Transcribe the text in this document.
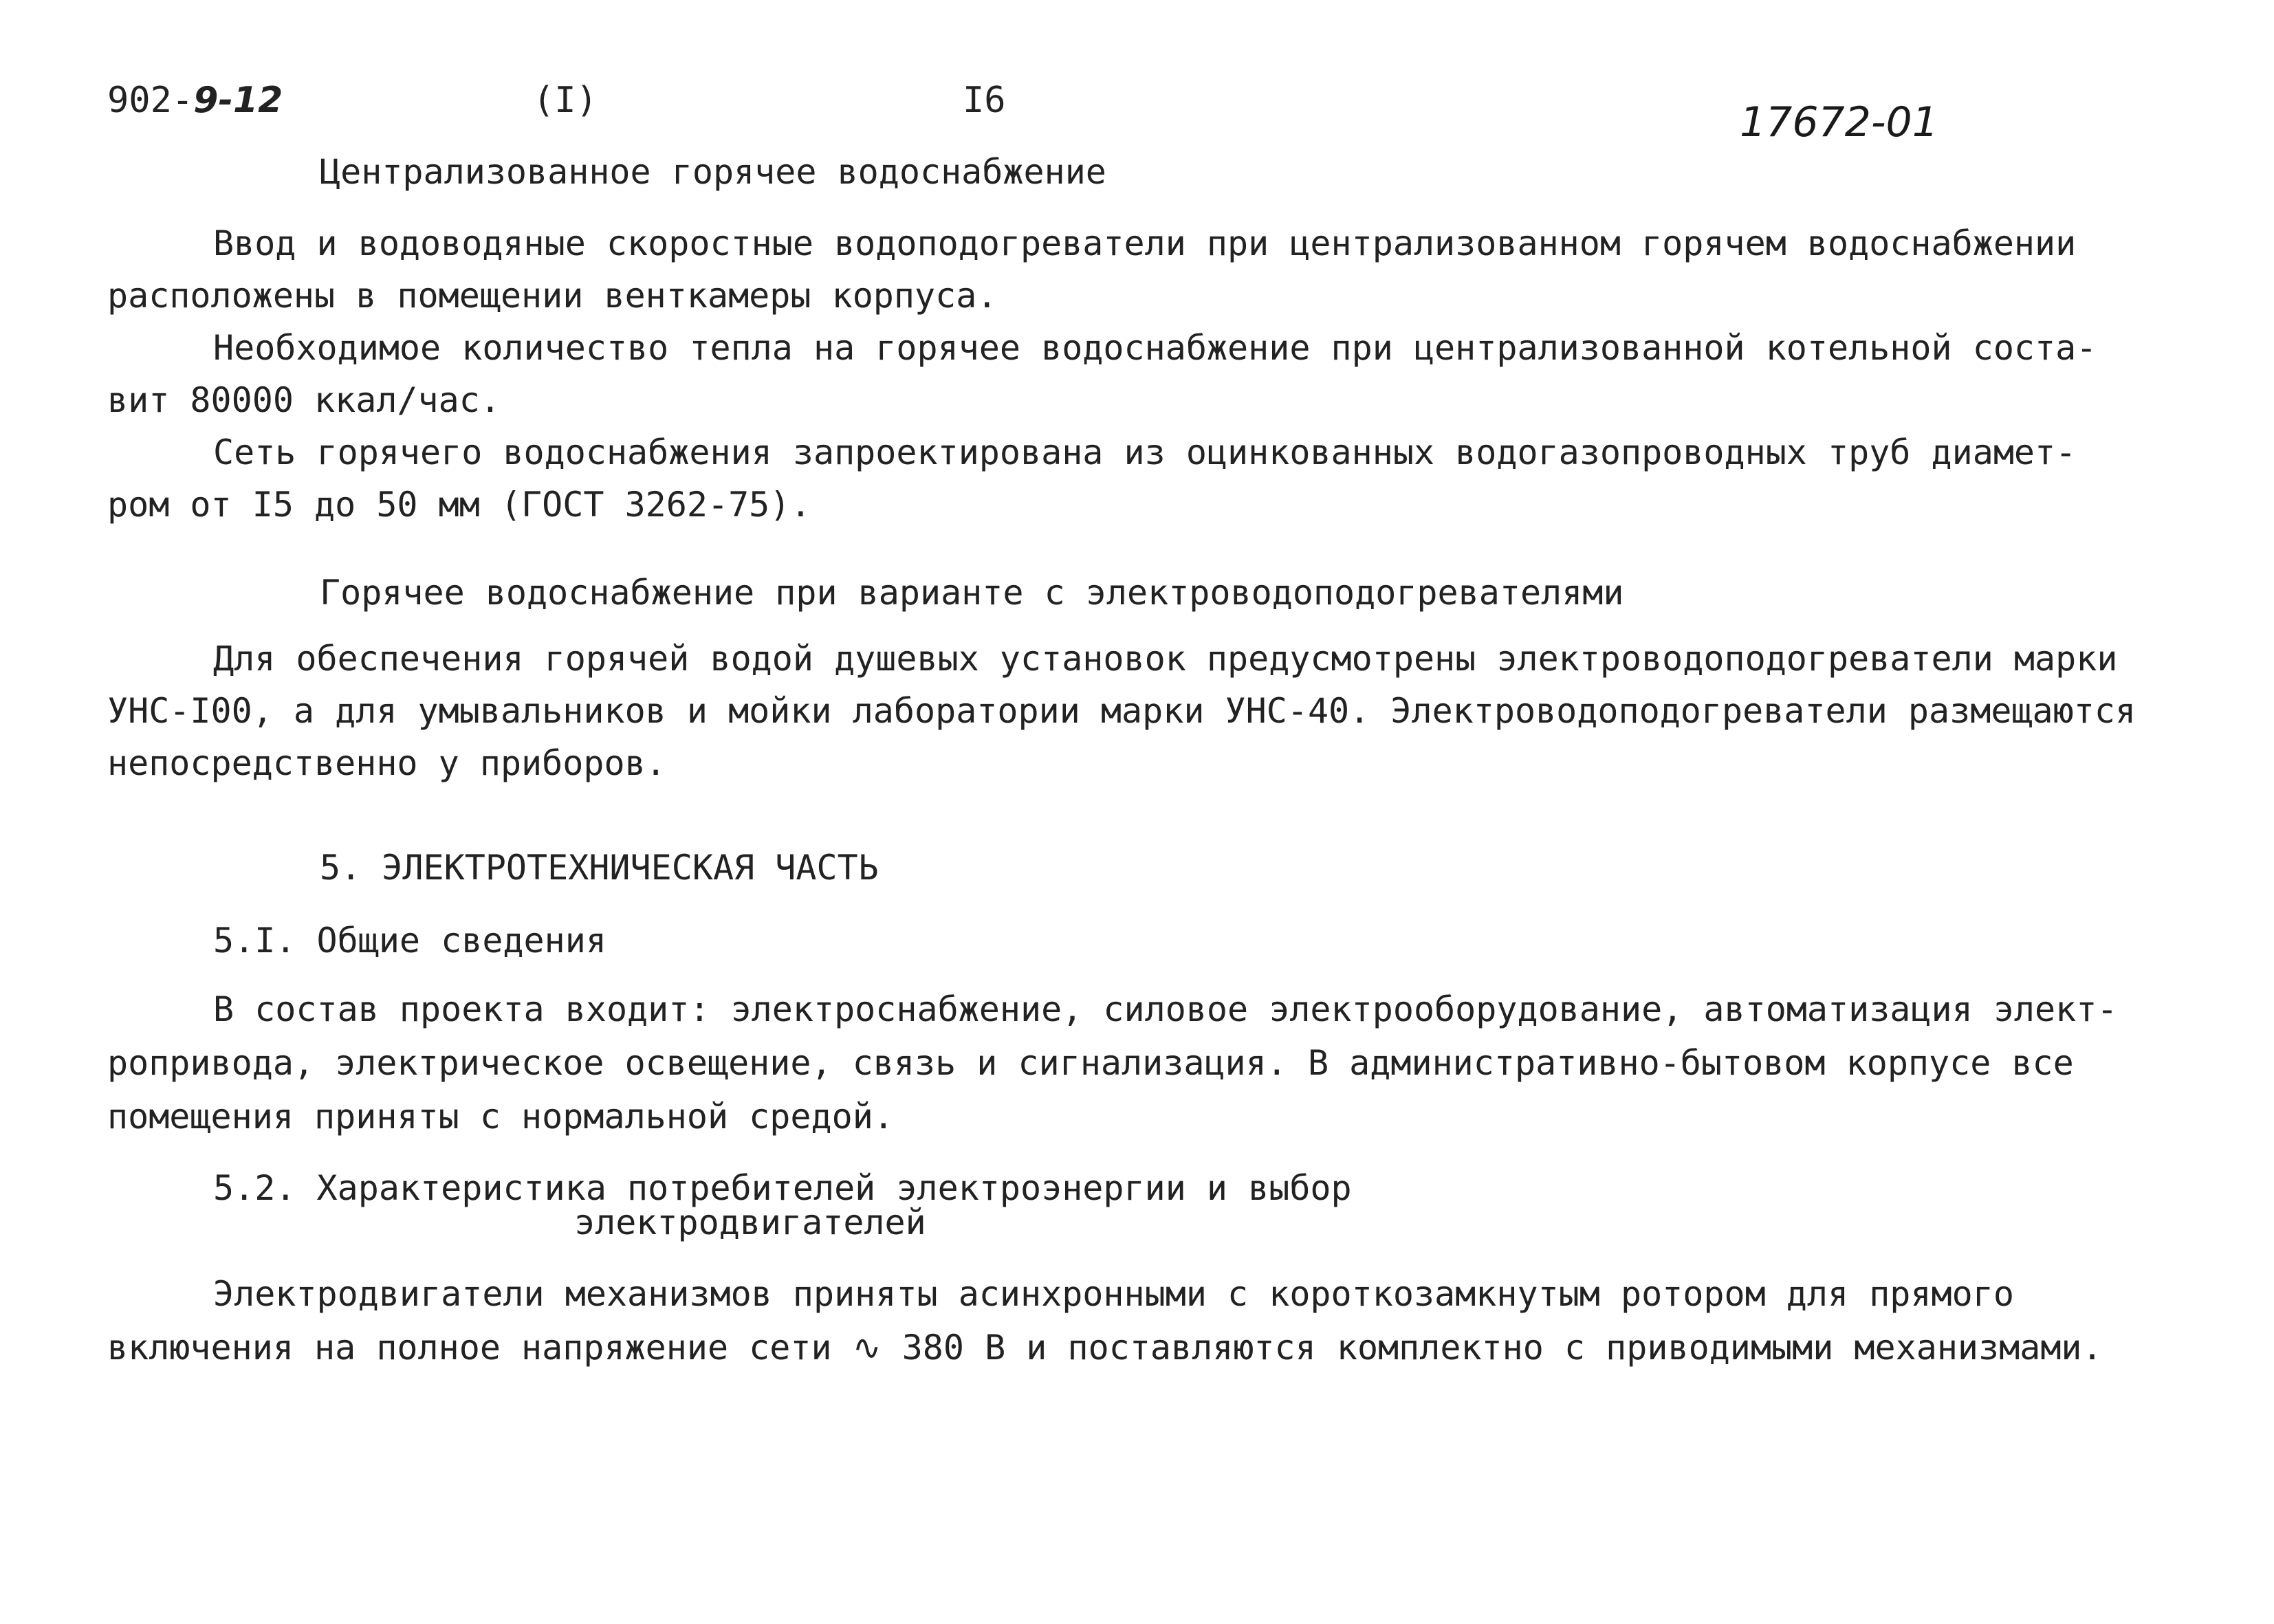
902-9-12	(I)	I6	17672-01
Централизованное горячее водоснабжение
Ввод и водоводяные скоростные водоподогреватели при централизованном горячем водоснабжении
расположены в помещении венткамеры корпуса.
Необходимое количество тепла на горячее водоснабжение при централизованной котельной соста-
вит 80000 ккал/час.
Сеть горячего водоснабжения запроектирована из оцинкованных водогазопроводных труб диамет-
ром от I5 до 50 мм (ГОСТ 3262-75).
Горячее водоснабжение при варианте с электроводоподогревателями
Для обеспечения горячей водой душевых установок предусмотрены электроводоподогреватели марки
УНС-I00, а для умывальников и мойки лаборатории марки УНС-40. Электроводоподогреватели размещаются
непосредственно у приборов.
5. ЭЛЕКТРОТЕХНИЧЕСКАЯ ЧАСТЬ
5.I. Общие сведения
В состав проекта входит: электроснабжение, силовое электрооборудование, автоматизация элект-
ропривода, электрическое освещение, связь и сигнализация. В административно-бытовом корпусе все
помещения приняты с нормальной средой.
5.2. Характеристика потребителей электроэнергии и выбор
электродвигателей
Электродвигатели механизмов приняты асинхронными с короткозамкнутым ротором для прямого
включения на полное напряжение сети ∿ 380 В и поставляются комплектно с приводимыми механизмами.
